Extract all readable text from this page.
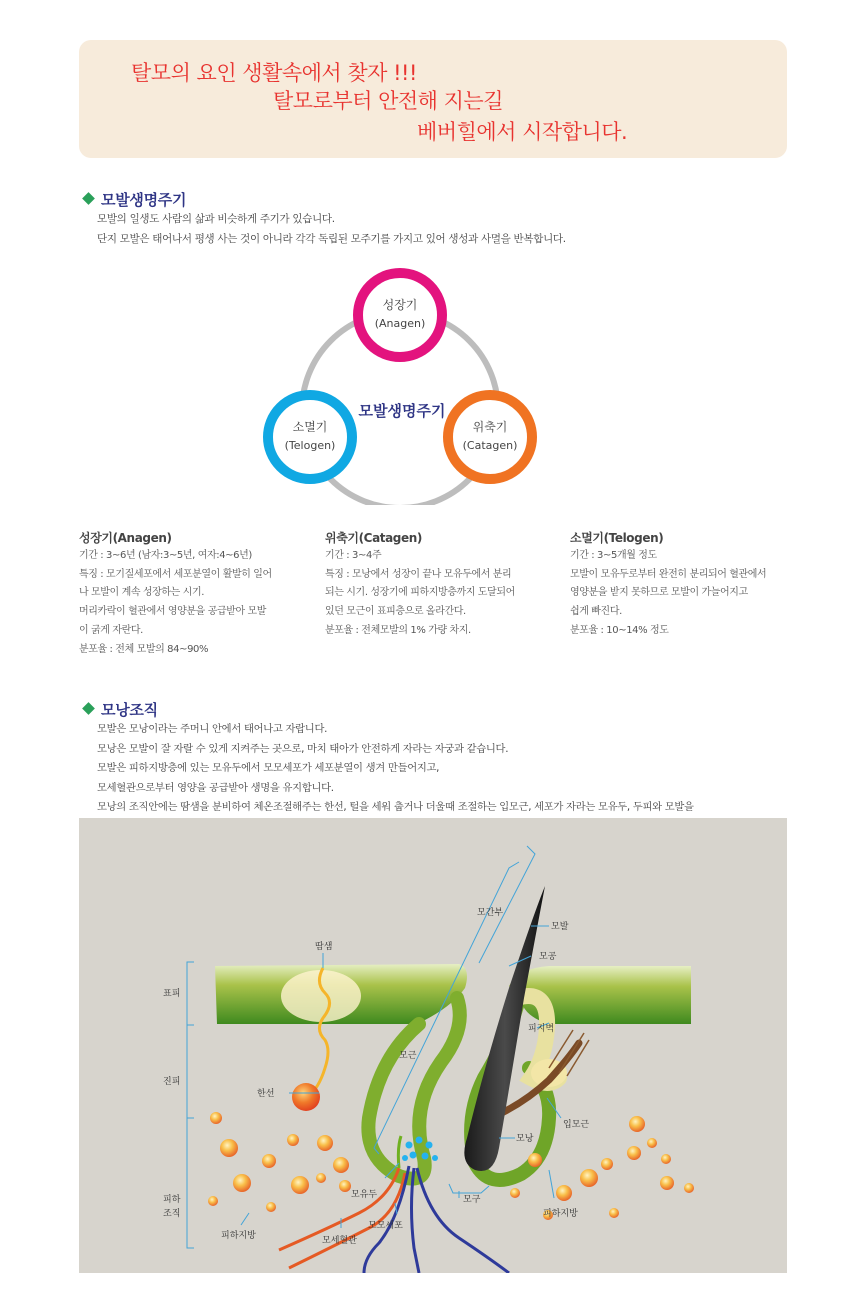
탈모의 요인 생활속에서 찾자 !!!
탈모로부터 안전해 지는길
베버힐에서 시작합니다.
모발생명주기
모발의 일생도 사람의 삶과 비슷하게 주기가 있습니다.
단지 모발은 태어나서 평생 사는 것이 아니라 각각 독립된 모주기를 가지고 있어 생성과 사멸을 반복합니다.
성장기
(Anagen)
소멸기
(Telogen)
위축기
(Catagen)
모발생명주기
성장기(Anagen)
기간 : 3~6년 (남자:3~5년, 여자:4~6년)
특징 : 모기질세포에서 세포분열이 활발히 일어
나 모발이 계속 성장하는 시기.
머리카락이 혈관에서 영양분을 공급받아 모발
이 굵게 자란다.
분포율 : 전체 모발의 84~90%
위축기(Catagen)
기간 : 3~4주
특징 : 모낭에서 성장이 끝나 모유두에서 분리
되는 시기. 성장기에 피하지방층까지 도달되어
있던 모근이 표피층으로 올라간다.
분포율 : 전체모발의 1% 가량 차지.
소멸기(Telogen)
기간 : 3~5개월 정도
모발이 모유두로부터 완전히 분리되어 혈관에서
영양분을 받지 못하므로 모발이 가늘어지고
쉽게 빠진다.
분포율 : 10~14% 정도
모낭조직
모발은 모낭이라는 주머니 안에서 태어나고 자랍니다.
모낭은 모발이 잘 자랄 수 있게 지켜주는 곳으로, 마치 태아가 안전하게 자라는 자궁과 같습니다.
모발은 피하지방층에 있는 모유두에서 모모세포가 세포분열이 생겨 만들어지고,
모세혈관으로부터 영양을 공급받아 생명을 유지합니다.
모낭의 조직안에는 땀샘을 분비하여 체온조절해주는 한선, 털을 세워 춥거나 더울때 조절하는 입모근, 세포가 자라는 모유두, 두피와 모발을
표피
진피
피하
조직
모간부
모발
모공
땀샘
피지벽
모근
한선
입모근
모낭
모유두	모구
피하지방
피하지방
모모세포
모세혈관
